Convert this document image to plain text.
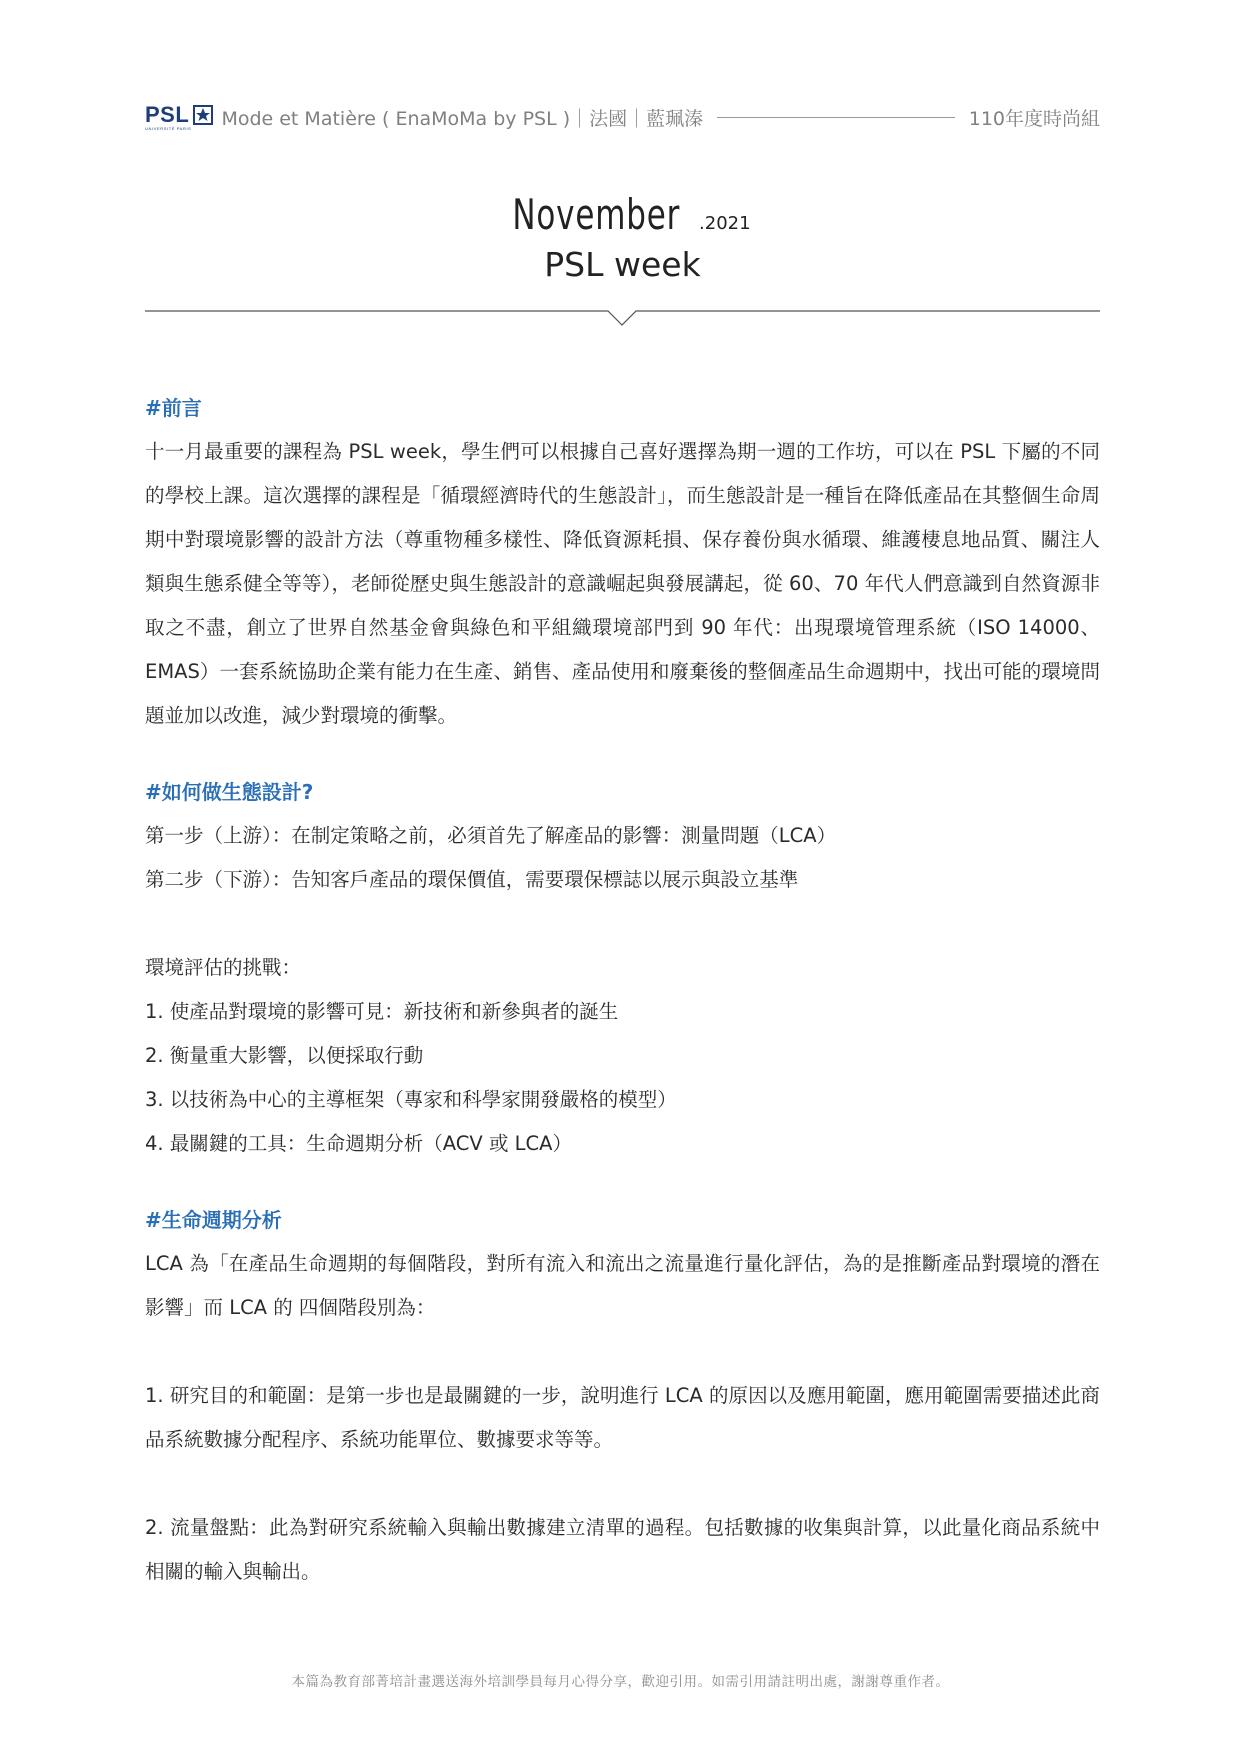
PSL
UNIVERSITÉ PARIS Mode et Matière ( EnaMoMa by PSL )｜法國｜藍珮溱	110年度時尚組
November .2021
PSL week
#前言
十一月最重要的課程為 PSL week，學生們可以根據自己喜好選擇為期一週的工作坊，可以在 PSL 下屬的不同的學校上課。這次選擇的課程是「循環經濟時代的生態設計」，而生態設計是一種旨在降低產品在其整個生命周期中對環境影響的設計方法（尊重物種多樣性、降低資源耗損、保存養份與水循環、維護棲息地品質、關注人類與生態系健全等等），老師從歷史與生態設計的意識崛起與發展講起，從 60、70 年代人們意識到自然資源非取之不盡，創立了世界自然基金會與綠色和平組織環境部門到 90 年代：出現環境管理系統（ISO 14000、EMAS）一套系統協助企業有能力在生產、銷售、產品使用和廢棄後的整個產品生命週期中，找出可能的環境問題並加以改進，減少對環境的衝擊。
#如何做生態設計?
第一步（上游）：在制定策略之前，必須首先了解產品的影響：測量問題（LCA）
第二步（下游）：告知客戶產品的環保價值，需要環保標誌以展示與設立基準
環境評估的挑戰：
1. 使產品對環境的影響可見：新技術和新參與者的誕生
2. 衡量重大影響，以便採取行動
3. 以技術為中心的主導框架（專家和科學家開發嚴格的模型）
4. 最關鍵的工具：生命週期分析（ACV 或 LCA）
#生命週期分析
LCA 為「在產品生命週期的每個階段，對所有流入和流出之流量進行量化評估，為的是推斷產品對環境的潛在影響」而 LCA 的 四個階段別為：
1. 研究目的和範圍：是第一步也是最關鍵的一步，說明進行 LCA 的原因以及應用範圍，應用範圍需要描述此商品系統數據分配程序、系統功能單位、數據要求等等。
2. 流量盤點：此為對研究系統輸入與輸出數據建立清單的過程。包括數據的收集與計算，以此量化商品系統中相關的輸入與輸出。
本篇為教育部菁培計畫選送海外培訓學員每月心得分享，歡迎引用。如需引用請註明出處，謝謝尊重作者。
